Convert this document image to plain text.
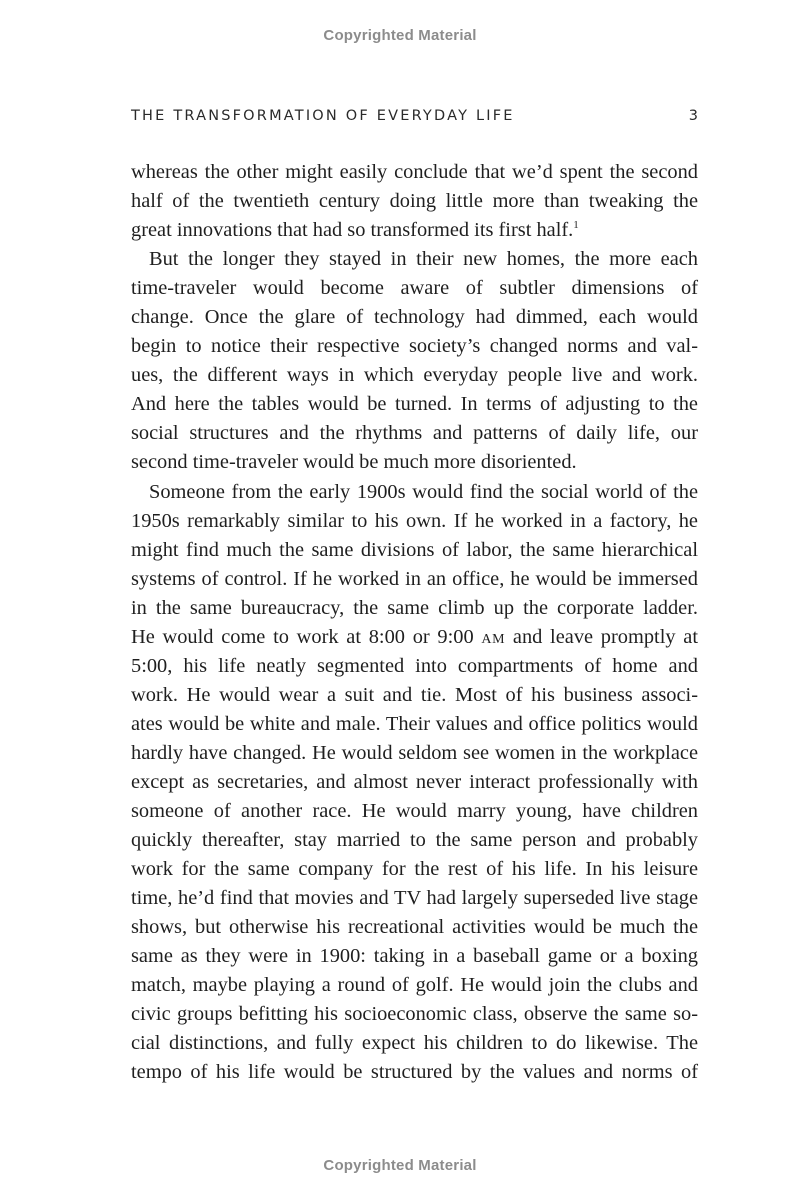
Copyrighted Material
THE TRANSFORMATION OF EVERYDAY LIFE	3
whereas the other might easily conclude that we’d spent the second
half of the twentieth century doing little more than tweaking the
great innovations that had so transformed its first half.$^1$
But the longer they stayed in their new homes, the more each
time-traveler would become aware of subtler dimensions of
change. Once the glare of technology had dimmed, each would
begin to notice their respective society’s changed norms and val-
ues, the different ways in which everyday people live and work.
And here the tables would be turned. In terms of adjusting to the
social structures and the rhythms and patterns of daily life, our
second time-traveler would be much more disoriented.
Someone from the early 1900s would find the social world of the
1950s remarkably similar to his own. If he worked in a factory, he
might find much the same divisions of labor, the same hierarchical
systems of control. If he worked in an office, he would be immersed
in the same bureaucracy, the same climb up the corporate ladder.
He would come to work at 8:00 or 9:00 am and leave promptly at
5:00, his life neatly segmented into compartments of home and
work. He would wear a suit and tie. Most of his business associ-
ates would be white and male. Their values and office politics would
hardly have changed. He would seldom see women in the workplace
except as secretaries, and almost never interact professionally with
someone of another race. He would marry young, have children
quickly thereafter, stay married to the same person and probably
work for the same company for the rest of his life. In his leisure
time, he’d find that movies and TV had largely superseded live stage
shows, but otherwise his recreational activities would be much the
same as they were in 1900: taking in a baseball game or a boxing
match, maybe playing a round of golf. He would join the clubs and
civic groups befitting his socioeconomic class, observe the same so-
cial distinctions, and fully expect his children to do likewise. The
tempo of his life would be structured by the values and norms of
Copyrighted Material
